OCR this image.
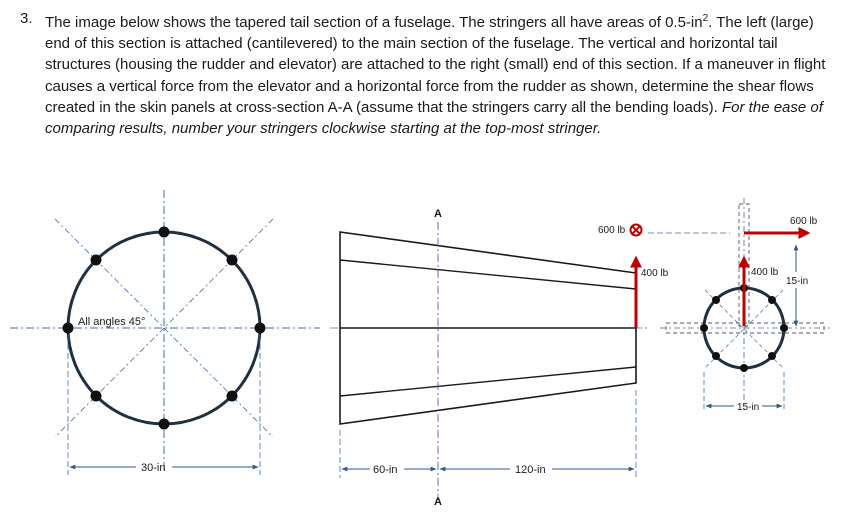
3. The image below shows the tapered tail section of a fuselage. The stringers all have areas of $0.5-in^2$. The left (large) end of this section is attached (cantilevered) to the main section of the fuselage. The vertical and horizontal tail structures (housing the rudder and elevator) are attached to the right (small) end of this section. If a maneuver in flight causes a vertical force from the elevator and a horizontal force from the rudder as shown, determine the shear flows created in the skin panels at cross-section A-A (assume that the stringers carry all the bending loads). For the ease of comparing results, number your stringers clockwise starting at the top-most stringer.
All angles 45°
30-in
400 lb
600 lb
A
A
60-in	120-in
400 lb
600 lb
15-in
15-in
